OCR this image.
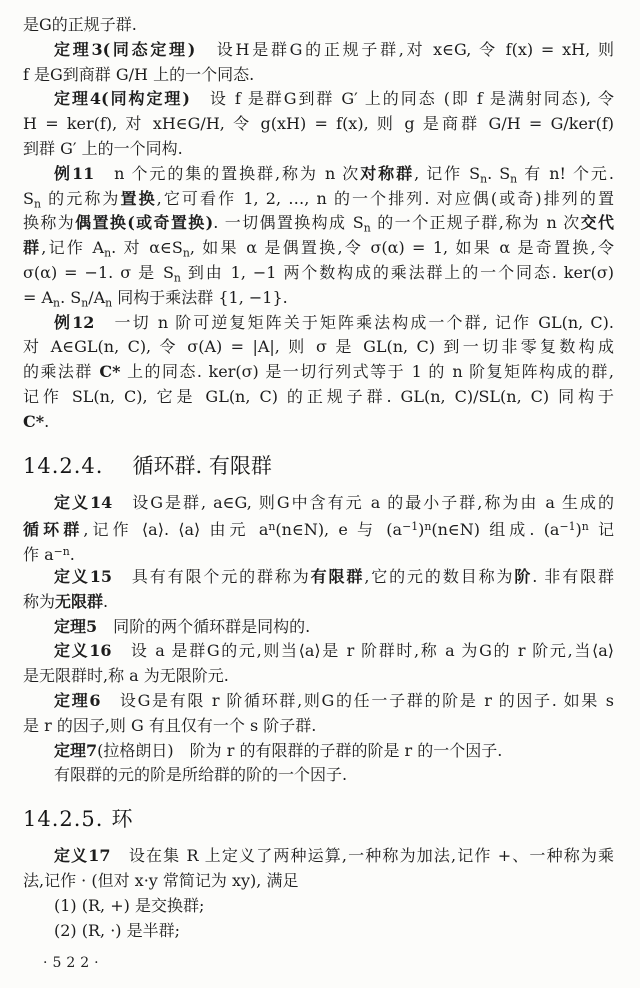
是G的正规子群.
定理3(同态定理)　设H是群G的正规子群,对 x∈G, 令 f(x) = xH, 则
f 是G到商群 G/H 上的一个同态.
定理4(同构定理)　设 f 是群G到群 G′ 上的同态 (即 f 是满射同态), 令
H = ker(f), 对 xH∈G/H, 令 g(xH) = f(x), 则 g 是商群 G/H = G/ker(f)
到群 G′ 上的一个同构.
例11　n 个元的集的置换群,称为 n 次对称群, 记作 $S_n$. $S_n$ 有 n! 个元.
$S_n$ 的元称为置换,它可看作 1, 2, …, n 的一个排列. 对应偶(或奇)排列的置
换称为偶置换(或奇置换). 一切偶置换构成 $S_n$ 的一个正规子群,称为 n 次交代
群,记作 $A_n$. 对 $\alpha\in S_n$, 如果 α 是偶置换,令 σ(α) = 1, 如果 α 是奇置换,令
σ(α) = −1. σ 是 $S_n$ 到由 1, −1 两个数构成的乘法群上的一个同态. ker(σ)
= $A_n$. $S_n/A_n$ 同构于乘法群 {1, −1}.
例12　一切 n 阶可逆复矩阵关于矩阵乘法构成一个群, 记作 GL(n, C).
对 A∈GL(n, C), 令 σ(A) = |A|, 则 σ 是 GL(n, C) 到一切非零复数构成
的乘法群 C* 上的同态. ker(σ) 是一切行列式等于 1 的 n 阶复矩阵构成的群,
记作 SL(n, C), 它是 GL(n, C) 的正规子群. GL(n, C)/SL(n, C) 同构于
C*.
14.2.4.　循环群. 有限群
定义14　设G是群, a∈G, 则G中含有元 a 的最小子群,称为由 a 生成的
循环群,记作 ⟨a⟩. ⟨a⟩ 由元 $a^n(n\in N)$, e 与 $(a^{-1})^n(n\in N)$ 组成. $(a^{-1})^n$ 记
作 $a^{-n}$.
定义15　具有有限个元的群称为有限群,它的元的数目称为阶. 非有限群
称为无限群.
定理5　同阶的两个循环群是同构的.
定义16　设 a 是群G的元,则当⟨a⟩是 r 阶群时,称 a 为G的 r 阶元,当⟨a⟩
是无限群时,称 a 为无限阶元.
定理6　设G是有限 r 阶循环群,则G的任一子群的阶是 r 的因子. 如果 s
是 r 的因子,则 G 有且仅有一个 s 阶子群.
定理7(拉格朗日)　阶为 r 的有限群的子群的阶是 r 的一个因子.
有限群的元的阶是所给群的阶的一个因子.
14.2.5. 环
定义17　设在集 R 上定义了两种运算,一种称为加法,记作 +、一种称为乘
法,记作 · (但对 x·y 常简记为 xy), 满足
(1) (R, +) 是交换群;
(2) (R, ·) 是半群;
·522·
